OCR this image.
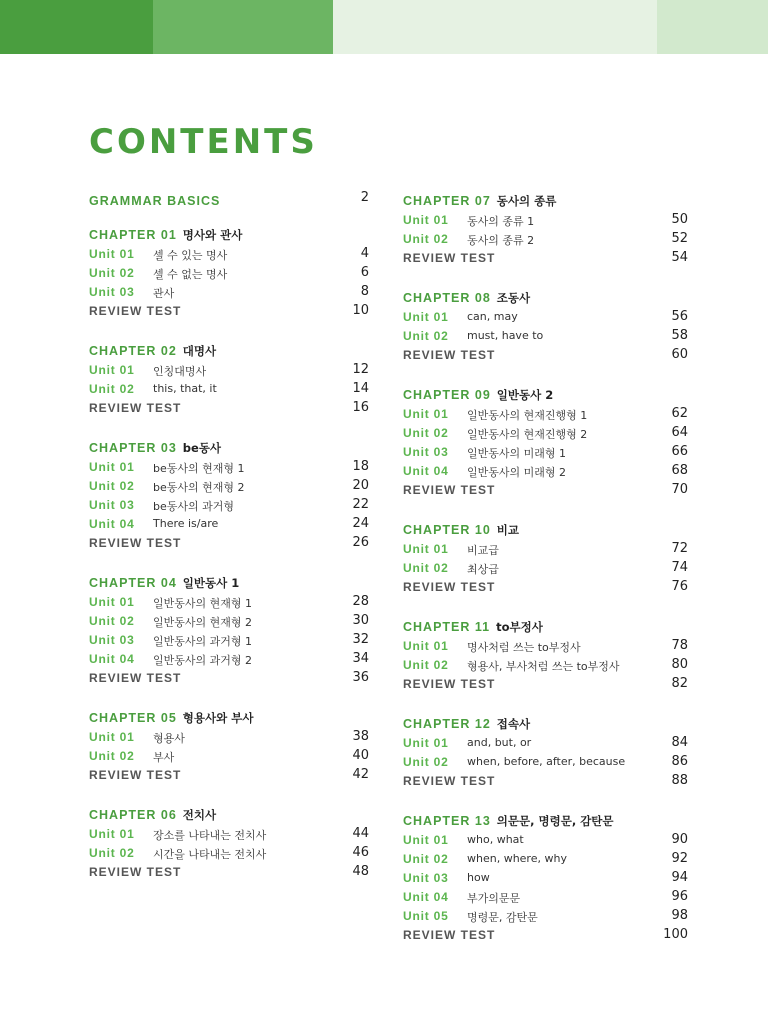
CONTENTS
GRAMMAR BASICS	2
CHAPTER 01 명사와 관사
Unit 01 셀 수 있는 명사	4
Unit 02 셀 수 없는 명사	6
Unit 03 관사	8
REVIEW TEST	10
CHAPTER 02 대명사
Unit 01 인칭대명사	12
Unit 02 this, that, it	14
REVIEW TEST	16
CHAPTER 03 be동사
Unit 01 be동사의 현재형 1	18
Unit 02 be동사의 현재형 2	20
Unit 03 be동사의 과거형	22
Unit 04 There is/are	24
REVIEW TEST	26
CHAPTER 04 일반동사 1
Unit 01 일반동사의 현재형 1	28
Unit 02 일반동사의 현재형 2	30
Unit 03 일반동사의 과거형 1	32
Unit 04 일반동사의 과거형 2	34
REVIEW TEST	36
CHAPTER 05 형용사와 부사
Unit 01 형용사	38
Unit 02 부사	40
REVIEW TEST	42
CHAPTER 06 전치사
Unit 01 장소를 나타내는 전치사	44
Unit 02 시간을 나타내는 전치사	46
REVIEW TEST	48
CHAPTER 07 동사의 종류
Unit 01 동사의 종류 1	50
Unit 02 동사의 종류 2	52
REVIEW TEST	54
CHAPTER 08 조동사
Unit 01 can, may	56
Unit 02 must, have to	58
REVIEW TEST	60
CHAPTER 09 일반동사 2
Unit 01 일반동사의 현재진행형 1	62
Unit 02 일반동사의 현재진행형 2	64
Unit 03 일반동사의 미래형 1	66
Unit 04 일반동사의 미래형 2	68
REVIEW TEST	70
CHAPTER 10 비교
Unit 01 비교급	72
Unit 02 최상급	74
REVIEW TEST	76
CHAPTER 11 to부정사
Unit 01 명사처럼 쓰는 to부정사	78
Unit 02 형용사, 부사처럼 쓰는 to부정사	80
REVIEW TEST	82
CHAPTER 12 접속사
Unit 01 and, but, or	84
Unit 02 when, before, after, because	86
REVIEW TEST	88
CHAPTER 13 의문문, 명령문, 감탄문
Unit 01 who, what	90
Unit 02 when, where, why	92
Unit 03 how	94
Unit 04 부가의문문	96
Unit 05 명령문, 감탄문	98
REVIEW TEST	100
